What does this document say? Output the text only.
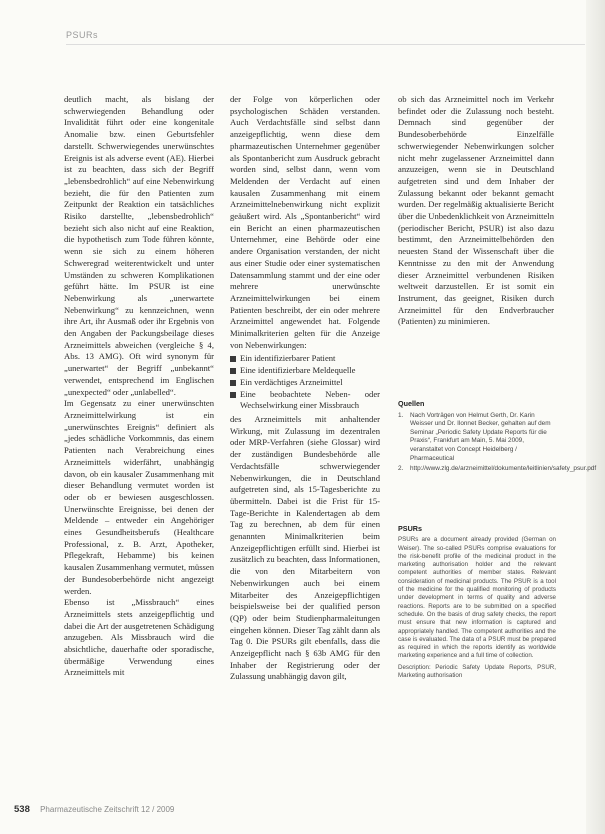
PSURs

deutlich macht, als bislang der schwerwiegenden Behandlung oder Invalidität führt oder eine kongenitale Anomalie bzw. einen Geburtsfehler darstellt. Schwerwiegendes unerwünschtes Ereignis ist als adverse event (AE). Hierbei ist zu beachten, dass sich der Begriff „lebensbedrohlich“ auf eine Nebenwirkung bezieht, die für den Patienten zum Zeitpunkt der Reaktion ein tatsächliches Risiko darstellte, „lebensbedrohlich“ bezieht sich also nicht auf eine Reaktion, die hypothetisch zum Tode führen könnte, wenn sie sich zu einem höheren Schweregrad weiterentwickelt und unter Umständen zu schweren Komplikationen geführt hätte. Im PSUR ist eine Nebenwirkung als „unerwartete Nebenwirkung“ zu kennzeichnen, wenn ihre Art, ihr Ausmaß oder ihr Ergebnis von den Angaben der Packungsbeilage dieses Arzneimittels abweichen (vergleiche § 4, Abs. 13 AMG). Oft wird synonym für „unerwartet“ der Begriff „unbekannt“ verwendet, entsprechend im Englischen „unexpected“ oder „unlabelled“.

Im Gegensatz zu einer unerwünschten Arzneimittelwirkung ist ein „unerwünschtes Ereignis“ definiert als „jedes schädliche Vorkommnis, das einem Patienten nach Verabreichung eines Arzneimittels widerfährt, unabhängig davon, ob ein kausaler Zusammenhang mit dieser Behandlung vermutet worden ist oder ob er bewiesen ausgeschlossen. Unerwünschte Ereignisse, bei denen der Meldende – entweder ein Angehöriger eines Gesundheitsberufs (Healthcare Professional, z. B. Arzt, Apotheker, Pflegekraft, Hebamme) bis keinen kausalen Zusammenhang vermutet, müssen der Bundesoberbehörde nicht angezeigt werden.

Ebenso ist „Missbrauch“ eines Arzneimittels stets anzeigepflichtig und dabei die Art der ausgetretenen Schädigung anzugeben. Als Missbrauch wird die absichtliche, dauerhafte oder sporadische, übermäßige Verwendung eines Arzneimittels mit

der Folge von körperlichen oder psychologischen Schäden verstanden. Auch Verdachtsfälle sind selbst dann anzeigepflichtig, wenn diese dem pharmazeutischen Unternehmer gegenüber als Spontanbericht zum Ausdruck gebracht worden sind, selbst dann, wenn vom Meldenden der Verdacht auf einen kausalen Zusammenhang mit einem Arzneimittelnebenwirkung nicht explizit geäußert wird. Als „Spontanbericht“ wird ein Bericht an einen pharmazeutischen Unternehmer, eine Behörde oder eine andere Organisation verstanden, der nicht aus einer Studie oder einer systematischen Datensammlung stammt und der eine oder mehrere unerwünschte Arzneimittelwirkungen bei einem Patienten beschreibt, der ein oder mehrere Arzneimittel angewendet hat. Folgende Minimalkriterien gelten für die Anzeige von Nebenwirkungen:

Ein identifizierbarer Patient
Eine identifizierbare Meldequelle
Ein verdächtiges Arzneimittel
Eine beobachtete Neben- oder Wechselwirkung einer Missbrauch

des Arzneimittels mit anhaltender Wirkung, mit Zulassung im dezentralen oder MRP-Verfahren (siehe Glossar) wird der zuständigen Bundesbehörde alle Verdachtsfälle schwerwiegender Nebenwirkungen, die in Deutschland aufgetreten sind, als 15-Tagesberichte zu übermitteln. Dabei ist die Frist für 15-Tage-Berichte in Kalendertagen ab dem Tag zu berechnen, ab dem für einen genannten Minimalkriterien beim Anzeigepflichtigen erfüllt sind. Hierbei ist zusätzlich zu beachten, dass Informationen, die von den Mitarbeitern von Nebenwirkungen auch bei einem Mitarbeiter des Anzeigepflichtigen beispielsweise bei der qualified person (QP) oder beim Studienpharmaleitungen eingehen können. Dieser Tag zählt dann als Tag 0. Die PSURs gilt ebenfalls, dass die Anzeigepflicht nach § 63b AMG für den Inhaber der Registrierung oder der Zulassung unabhängig davon gilt,

ob sich das Arzneimittel noch im Verkehr befindet oder die Zulassung noch besteht. Demnach sind gegenüber der Bundesoberbehörde Einzelfälle schwerwiegender Nebenwirkungen solcher nicht mehr zugelassener Arzneimittel dann anzuzeigen, wenn sie in Deutschland aufgetreten sind und dem Inhaber der Zulassung bekannt oder bekannt gemacht wurden. Der regelmäßig aktualisierte Bericht über die Unbedenklichkeit von Arzneimitteln (periodischer Bericht, PSUR) ist also dazu bestimmt, den Arzneimittelbehörden den neuesten Stand der Wissenschaft über die Kenntnisse zu den mit der Anwendung dieser Arzneimittel verbundenen Risiken weltweit darzustellen. Er ist somit ein Instrument, das geeignet, Risiken durch Arzneimittel für den Endverbraucher (Patienten) zu minimieren.

Quellen
1. Nach Vorträgen von Helmut Gerth, Dr. Karin Weisser und Dr. Ilonnet Becker, gehalten auf dem Seminar „Periodic Safety Update Reports für die Praxis“, Frankfurt am Main, 5. Mai 2009, veranstaltet von Concept Heidelberg / Pharmaceutical
2. http://www.zlg.de/arzneimittel/dokumente/leitlinien/safety_psur.pdf
PSURs

PSURs are a document already provided (German on Weiser). The so-called PSURs comprise evaluations for the risk-benefit profile of the medicinal product in the marketing authorisation holder and the relevant competent authorities of member states. Relevant consideration of medicinal products. The PSUR is a tool of the medicine for the qualified monitoring of products under development in terms of quality and adverse reactions. Reports are to be submitted on a specified schedule. On the basis of drug safety checks, the report must ensure that new information is captured and appropriately handled. The competent authorities and the case is evaluated. The data of a PSUR must be prepared as required in which the reports identify as worldwide marketing experience and a full time of collection.

Description: Periodic Safety Update Reports, PSUR, Marketing authorisation

538 Pharmazeutische Zeitschrift 12 / 2009
